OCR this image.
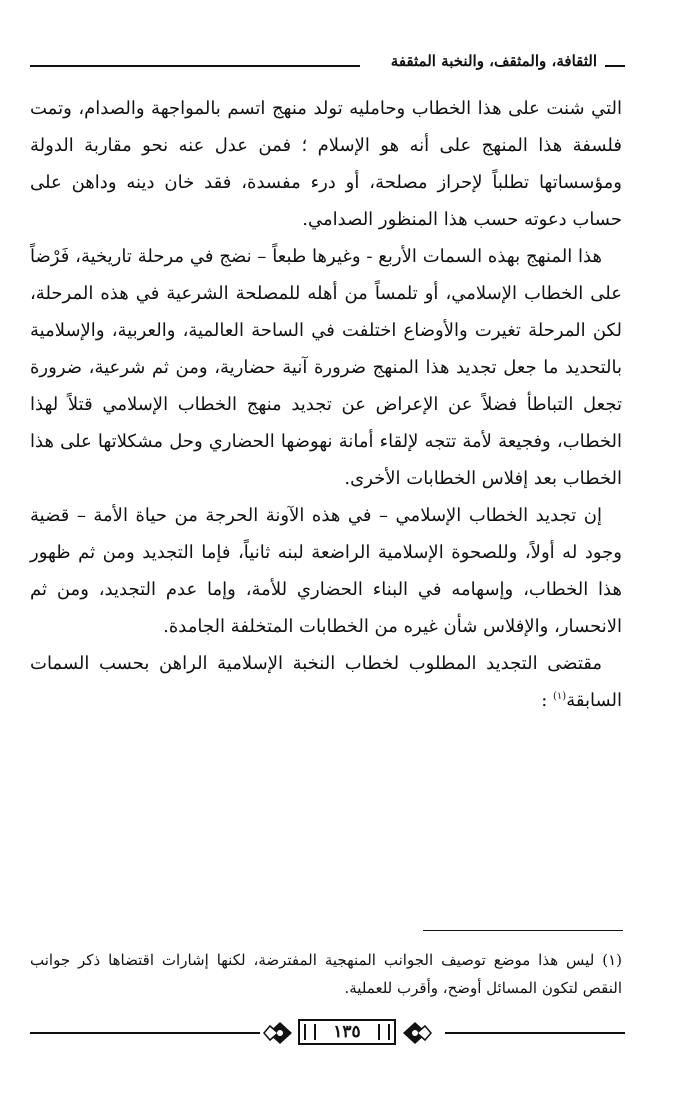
الثقافة، والمثقف، والنخبة المثقفة

التي شنت على هذا الخطاب وحامليه تولد منهج اتسم بالمواجهة والصدام، وتمت فلسفة هذا المنهج على أنه هو الإسلام ؛ فمن عدل عنه نحو مقاربة الدولة ومؤسساتها تطلباً لإحراز مصلحة، أو درء مفسدة، فقد خان دينه وداهن على حساب دعوته حسب هذا المنظور الصدامي.

هذا المنهج بهذه السمات الأربع - وغيرها طبعاً – نضج في مرحلة تاريخية، فَرْضاً على الخطاب الإسلامي، أو تلمساً من أهله للمصلحة الشرعية في هذه المرحلة، لكن المرحلة تغيرت والأوضاع اختلفت في الساحة العالمية، والعربية، والإسلامية بالتحديد ما جعل تجديد هذا المنهج ضرورة آنية حضارية، ومن ثم شرعية، ضرورة تجعل التباطأ فضلاً عن الإعراض عن تجديد منهج الخطاب الإسلامي قتلاً لهذا الخطاب، وفجيعة لأمة تتجه لإلقاء أمانة نهوضها الحضاري وحل مشكلاتها على هذا الخطاب بعد إفلاس الخطابات الأخرى.

إن تجديد الخطاب الإسلامي – في هذه الآونة الحرجة من حياة الأمة – قضية وجود له أولاً، وللصحوة الإسلامية الراضعة لبنه ثانياً، فإما التجديد ومن ثم ظهور هذا الخطاب، وإسهامه في البناء الحضاري للأمة، وإما عدم التجديد، ومن ثم الانحسار، والإفلاس شأن غيره من الخطابات المتخلفة الجامدة.

مقتضى التجديد المطلوب لخطاب النخبة الإسلامية الراهن بحسب السمات السابقة$^{(١)}$ :

(١) ليس هذا موضع توصيف الجوانب المنهجية المفترضة، لكنها إشارات اقتضاها ذكر جوانب النقص لتكون المسائل أوضح، وأقرب للعملية.

١٣٥
